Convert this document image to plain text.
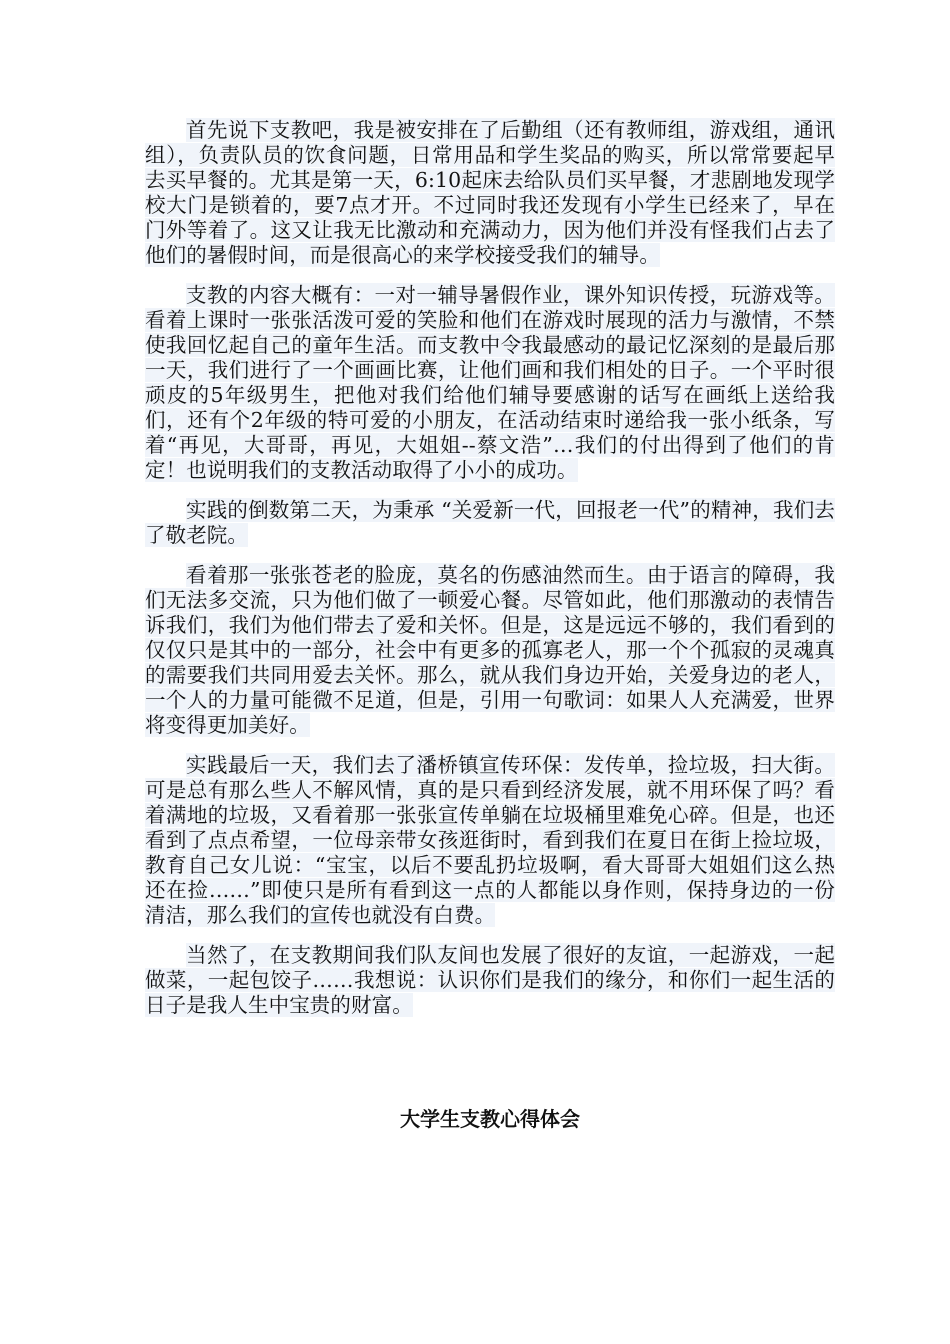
首先说下支教吧，我是被安排在了后勤组（还有教师组，游戏组，通讯组），负责队员的饮食问题，日常用品和学生奖品的购买，所以常常要起早去买早餐的。尤其是第一天，6:10起床去给队员们买早餐，才悲剧地发现学校大门是锁着的，要7点才开。不过同时我还发现有小学生已经来了，早在门外等着了。这又让我无比激动和充满动力，因为他们并没有怪我们占去了他们的暑假时间，而是很高心的来学校接受我们的辅导。

支教的内容大概有：一对一辅导暑假作业，课外知识传授，玩游戏等。看着上课时一张张活泼可爱的笑脸和他们在游戏时展现的活力与激情，不禁使我回忆起自己的童年生活。而支教中令我最感动的最记忆深刻的是最后那一天，我们进行了一个画画比赛，让他们画和我们相处的日子。一个平时很顽皮的5年级男生，把他对我们给他们辅导要感谢的话写在画纸上送给我们，还有个2年级的特可爱的小朋友，在活动结束时递给我一张小纸条，写着“再见，大哥哥，再见，大姐姐--蔡文浩”…我们的付出得到了他们的肯定！也说明我们的支教活动取得了小小的成功。

实践的倒数第二天，为秉承 “关爱新一代，回报老一代”的精神，我们去了敬老院。

看着那一张张苍老的脸庞，莫名的伤感油然而生。由于语言的障碍，我们无法多交流，只为他们做了一顿爱心餐。尽管如此，他们那激动的表情告诉我们，我们为他们带去了爱和关怀。但是，这是远远不够的，我们看到的仅仅只是其中的一部分，社会中有更多的孤寡老人，那一个个孤寂的灵魂真的需要我们共同用爱去关怀。那么，就从我们身边开始，关爱身边的老人，一个人的力量可能微不足道，但是，引用一句歌词：如果人人充满爱，世界将变得更加美好。

实践最后一天，我们去了潘桥镇宣传环保：发传单，捡垃圾，扫大街。可是总有那么些人不解风情，真的是只看到经济发展，就不用环保了吗？看着满地的垃圾，又看着那一张张宣传单躺在垃圾桶里难免心碎。但是，也还看到了点点希望，一位母亲带女孩逛街时，看到我们在夏日在街上捡垃圾，教育自己女儿说：“宝宝，以后不要乱扔垃圾啊，看大哥哥大姐姐们这么热还在捡……”即使只是所有看到这一点的人都能以身作则，保持身边的一份清洁，那么我们的宣传也就没有白费。

当然了，在支教期间我们队友间也发展了很好的友谊，一起游戏，一起做菜，一起包饺子……我想说：认识你们是我们的缘分，和你们一起生活的日子是我人生中宝贵的财富。

大学生支教心得体会
